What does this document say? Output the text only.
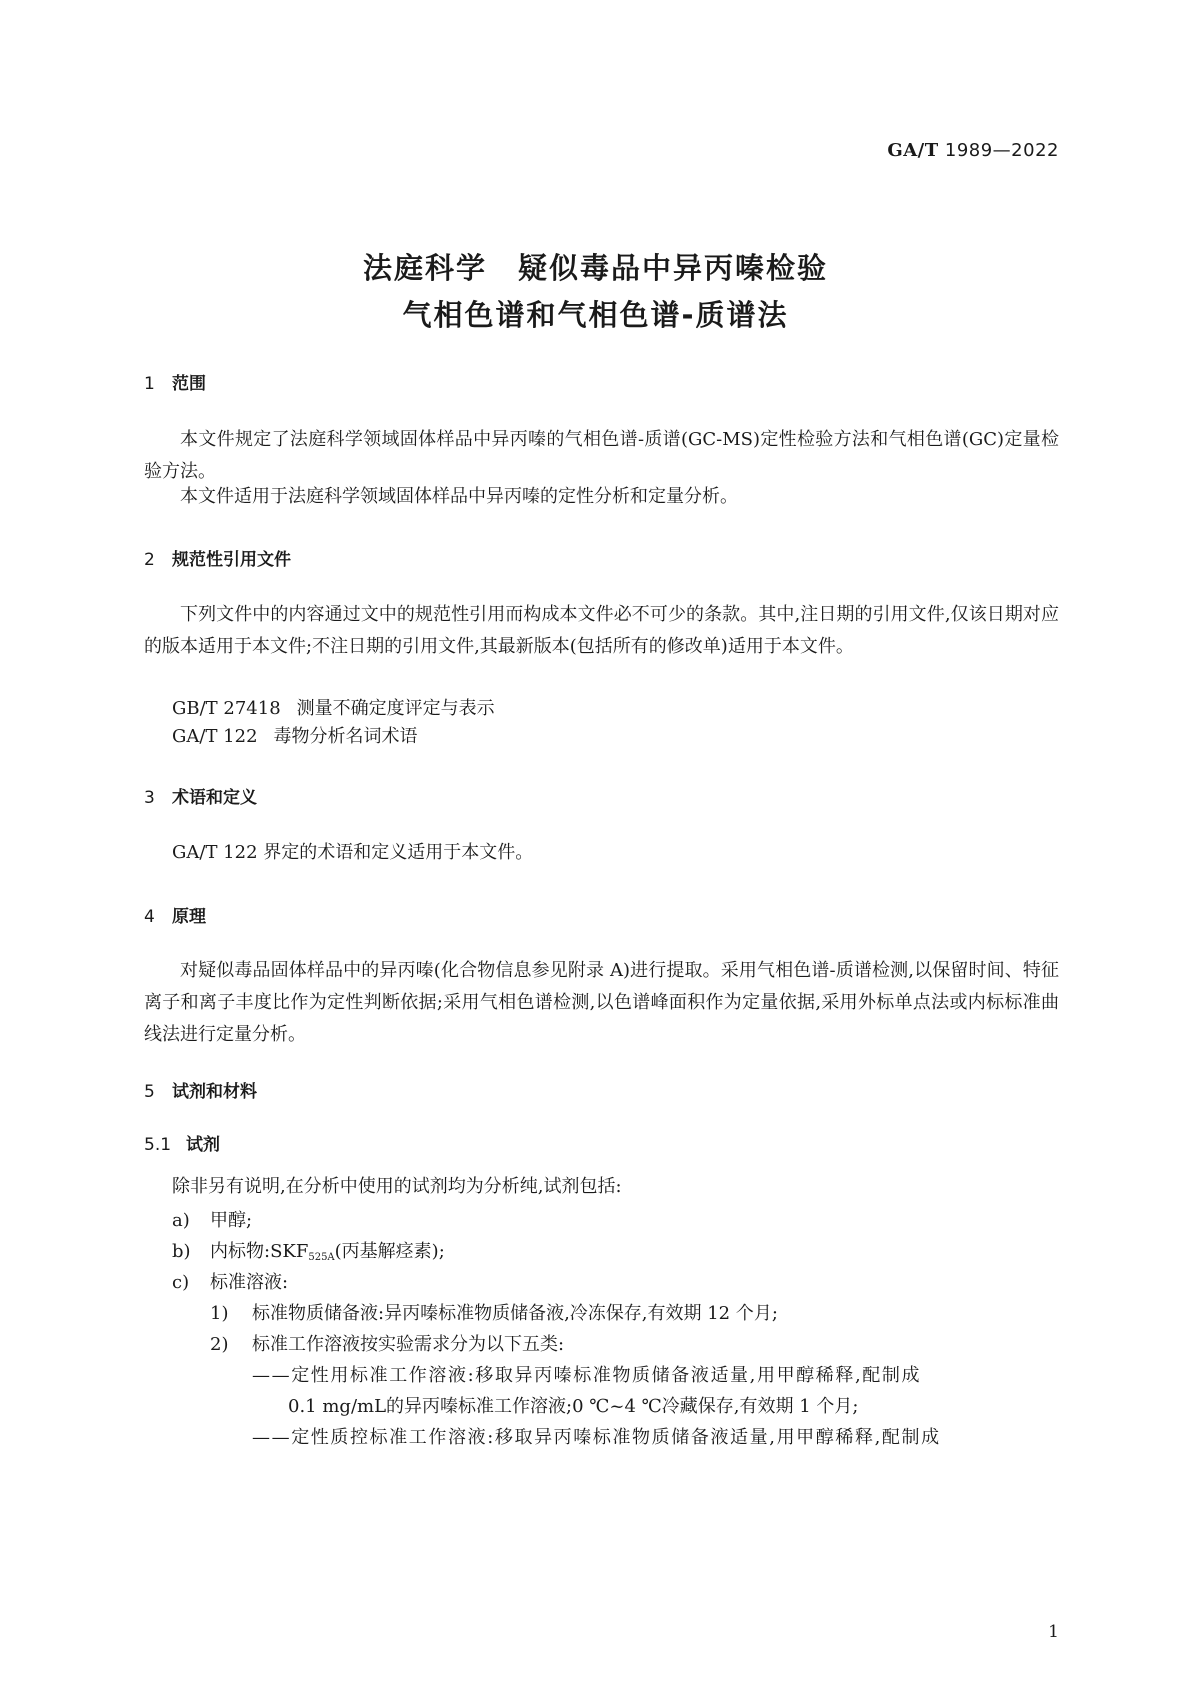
GA/T 1989—2022
法庭科学　疑似毒品中异丙嗪检验
气相色谱和气相色谱-质谱法
1 范围
本文件规定了法庭科学领域固体样品中异丙嗪的气相色谱-质谱(GC-MS)定性检验方法和气相色谱(GC)定量检验方法。
本文件适用于法庭科学领域固体样品中异丙嗪的定性分析和定量分析。
2 规范性引用文件
下列文件中的内容通过文中的规范性引用而构成本文件必不可少的条款。其中,注日期的引用文件,仅该日期对应的版本适用于本文件;不注日期的引用文件,其最新版本(包括所有的修改单)适用于本文件。
GB/T 27418 测量不确定度评定与表示
GA/T 122 毒物分析名词术语
3 术语和定义
GA/T 122 界定的术语和定义适用于本文件。
4 原理
对疑似毒品固体样品中的异丙嗪(化合物信息参见附录 A)进行提取。采用气相色谱-质谱检测,以保留时间、特征离子和离子丰度比作为定性判断依据;采用气相色谱检测,以色谱峰面积作为定量依据,采用外标单点法或内标标准曲线法进行定量分析。
5 试剂和材料
5.1 试剂
除非另有说明,在分析中使用的试剂均为分析纯,试剂包括:
a) 甲醇;
b) 内标物$:SKF_{525A}$(丙基解痉素);
c) 标准溶液:
1) 标准物质储备液:异丙嗪标准物质储备液,冷冻保存,有效期 12 个月;
2) 标准工作溶液按实验需求分为以下五类:
——定性用标准工作溶液:移取异丙嗪标准物质储备液适量,用甲醇稀释,配制成
0.1 mg/mL的异丙嗪标准工作溶液;0 ℃~4 ℃冷藏保存,有效期 1 个月;
——定性质控标准工作溶液:移取异丙嗪标准物质储备液适量,用甲醇稀释,配制成
1
